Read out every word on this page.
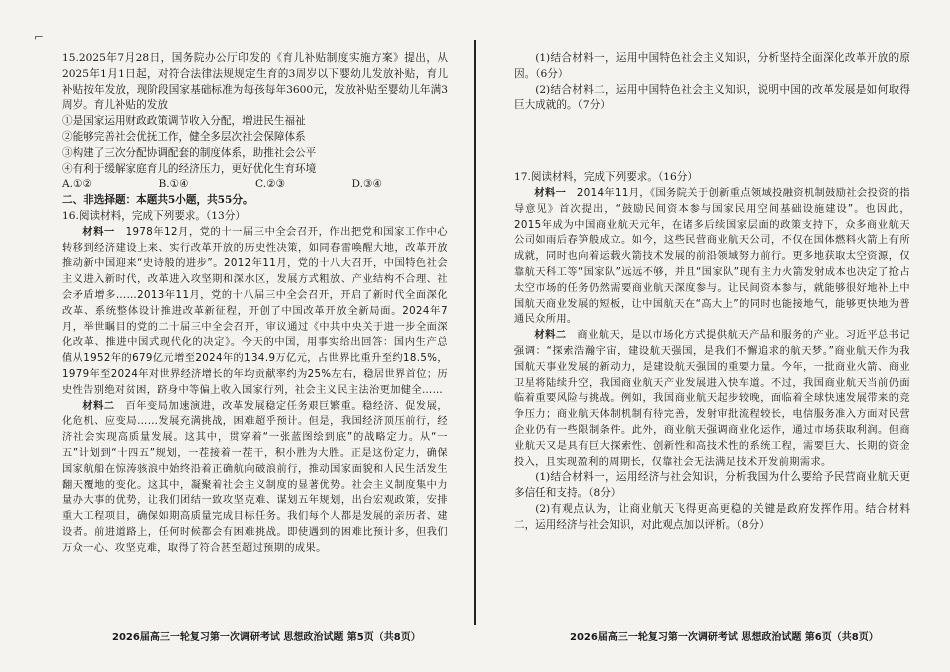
⌐

15.2025年7月28日，国务院办公厅印发的《育儿补贴制度实施方案》提出，从2025年1月1日起，对符合法律法规规定生育的3周岁以下婴幼儿发放补贴，育儿补贴按年发放，现阶段国家基础标准为每孩每年3600元，发放补贴至婴幼儿年满3周岁。育儿补贴的发放

①是国家运用财政政策调节收入分配，增进民生福祉

②能够完善社会优抚工作，健全多层次社会保障体系

③构建了三次分配协调配套的制度体系，助推社会公平

④有利于缓解家庭育儿的经济压力，更好优化生育环境

A.①②	B.①④	C.②③	D.③④

二、非选择题：本题共5小题，共55分。

16.阅读材料，完成下列要求。（13分）

材料一　 1978年12月，党的十一届三中全会召开，作出把党和国家工作中心转移到经济建设上来、实行改革开放的历史性决策，如同春雷唤醒大地，改革开放推动新中国迎来“史诗般的进步”。2012年11月，党的十八大召开，中国特色社会主义进入新时代，改革进入攻坚期和深水区，发展方式粗放、产业结构不合理、社会矛盾增多……2013年11月，党的十八届三中全会召开，开启了新时代全面深化改革、系统整体设计推进改革新征程，开创了中国改革开放全新局面。2024年7月，举世瞩目的党的二十届三中全会召开，审议通过《中共中央关于进一步全面深化改革、推进中国式现代化的决定》。今天的中国，用事实给出回答：国内生产总值从1952年的679亿元增至2024年的134.9万亿元，占世界比重升至约18.5%，1979年至2024年对世界经济增长的年均贡献率约为25%左右，稳居世界首位；历史性告别绝对贫困，跻身中等偏上收入国家行列，社会主义民主法治更加健全……

材料二　 百年变局加速演进，改革发展稳定任务艰巨繁重。稳经济、促发展，化危机、应变局……发展充满挑战，困难超乎预计。但是，我国经济顶压前行，经济社会实现高质量发展。这其中，贯穿着“一张蓝图绘到底”的战略定力。从“一五”计划到“十四五”规划，一茬接着一茬干，积小胜为大胜。正是这份定力，确保国家航船在惊涛骇浪中始终沿着正确航向破浪前行，推动国家面貌和人民生活发生翻天覆地的变化。这其中，凝聚着社会主义制度的显著优势。社会主义制度集中力量办大事的优势，让我们团结一致攻坚克难、谋划五年规划，出台宏观政策，安排重大工程项目，确保如期高质量完成目标任务。我们每个人都是发展的亲历者、建设者。前进道路上，任何时候都会有困难挑战。即使遇到的困难比预计多，但我们万众一心、攻坚克难，取得了符合甚至超过预期的成果。

2026届高三一轮复习第一次调研考试 思想政治试题 第5页（共8页）

(1)结合材料一，运用中国特色社会主义知识，分析坚持全面深化改革开放的原因。（6分）

(2)结合材料二，运用中国特色社会主义知识，说明中国的改革发展是如何取得巨大成就的。（7分）

17.阅读材料，完成下列要求。（16分）

材料一　 2014年11月，《国务院关于创新重点领域投融资机制鼓励社会投资的指导意见》首次提出，“鼓励民间资本参与国家民用空间基础设施建设”。也因此，2015年成为中国商业航天元年，在诸多后续国家层面的政策支持下，众多商业航天公司如雨后春笋般成立。如今，这些民营商业航天公司，不仅在国体燃料火箭上有所成就，同时也向着运载火箭技术发展的前沿领域努力前行。更多地获取太空资源，仅靠航天科工等“国家队”远远不够，并且“国家队”现有主力火箭发射成本也决定了抢占太空市场的任务仍然需要商业航天深度参与。让民间资本参与，就能够很好地补上中国航天商业发展的短板，让中国航天在“高大上”的同时也能接地气，能够更快地为普通民众所用。

材料二　 商业航天，是以市场化方式提供航天产品和服务的产业。习近平总书记强调：“探索浩瀚宇宙，建设航天强国，是我们不懈追求的航天梦。”商业航天作为我国航天事业发展的新动力，是建设航天强国的重要力量。今年，一批商业火箭、商业卫星将陆续升空，我国商业航天产业发展进入快车道。不过，我国商业航天当前仍面临着重要风险与挑战。例如，我国商业航天起步较晚，面临着全球快速发展带来的竞争压力；商业航天体制机制有待完善，发射审批流程较长，电信服务准入方面对民营企业仍有一些限制条件。此外，商业航天强调商业化运作，通过市场获取利润。但商业航天又是具有巨大探索性、创新性和高技术性的系统工程，需要巨大、长期的资金投入，且实现盈利的周期长，仅靠社会无法满足技术开发前期需求。

(1)结合材料一，运用经济与社会知识，分析我国为什么要给予民营商业航天更多信任和支持。（8分）

(2)有观点认为，让商业航天飞得更高更稳的关键是政府发挥作用。结合材料二，运用经济与社会知识，对此观点加以评析。（8分）

2026届高三一轮复习第一次调研考试 思想政治试题 第6页（共8页）
